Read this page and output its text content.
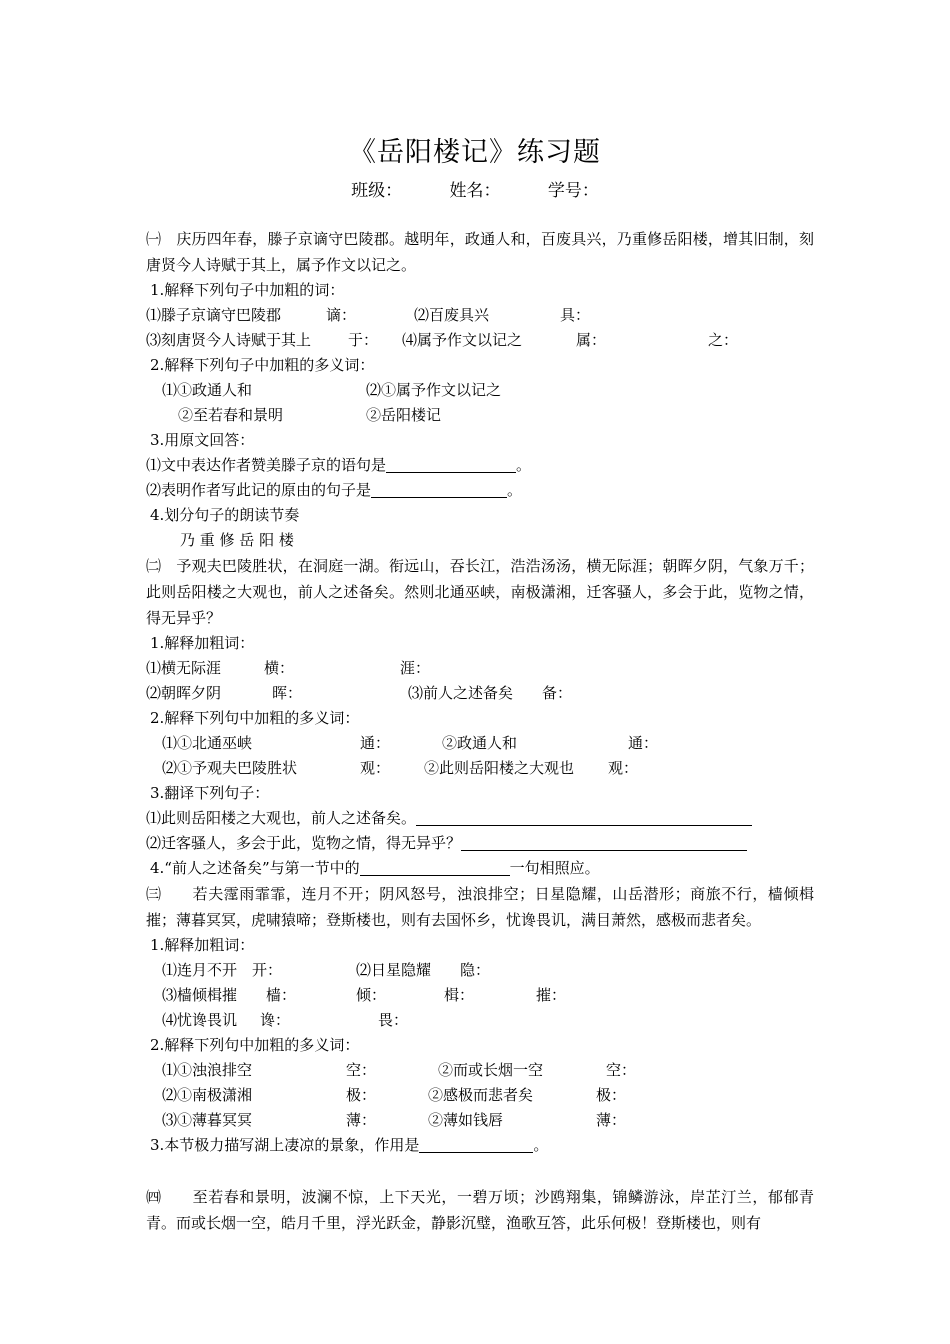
《岳阳楼记》练习题
班级：	姓名：	学号：

㈠　庆历四年春，滕子京谪守巴陵郡。越明年，政通人和，百废具兴，乃重修岳阳楼，增其旧制，刻唐贤今人诗赋于其上，属予作文以记之。

1.解释下列句子中加粗的词：
⑴滕子京谪守巴陵郡	谪：	⑵百废具兴	具：
⑶刻唐贤今人诗赋于其上 于： ⑷属予作文以记之	属：	之：
2.解释下列句子中加粗的多义词：
⑴①政通人和	⑵①属予作文以记之
②至若春和景明	②岳阳楼记
3.用原文回答：
⑴文中表达作者赞美滕子京的语句是	。
⑵表明作者写此记的原由的句子是	。
4.划分句子的朗读节奏
乃 重 修 岳 阳 楼

㈡　予观夫巴陵胜状，在洞庭一湖。衔远山，吞长江，浩浩汤汤，横无际涯；朝晖夕阴，气象万千；此则岳阳楼之大观也，前人之述备矣。然则北通巫峡，南极潇湘，迁客骚人，多会于此，览物之情，得无异乎？

1.解释加粗词：
⑴横无际涯	横：	涯：
⑵朝晖夕阴	晖：	⑶前人之述备矣 备：
2.解释下列句中加粗的多义词：
⑴①北通巫峡	通：	②政通人和	通：
⑵①予观夫巴陵胜状	观： ②此则岳阳楼之大观也 观：
3.翻译下列句子：
⑴此则岳阳楼之大观也，前人之述备矣。
⑵迁客骚人，多会于此，览物之情，得无异乎？
4.“前人之述备矣”与第一节中的	一句相照应。

㈢　　若夫霪雨霏霏，连月不开；阴风怒号，浊浪排空；日星隐耀，山岳潜形；商旅不行，樯倾楫摧；薄暮冥冥，虎啸猿啼；登斯楼也，则有去国怀乡，忧谗畏讥，满目萧然，感极而悲者矣。

1.解释加粗词：
⑴连月不开 开：	⑵日星隐耀 隐：
⑶樯倾楫摧 樯：	倾：	楫：	摧：
⑷忧谗畏讥 谗：	畏：
2.解释下列句中加粗的多义词：
⑴①浊浪排空	空：	②而或长烟一空	空：
⑵①南极潇湘	极：	②感极而悲者矣	极：
⑶①薄暮冥冥	薄：	②薄如钱唇	薄：
3.本节极力描写湖上凄凉的景象，作用是	。

㈣　　至若春和景明，波澜不惊，上下天光，一碧万顷；沙鸥翔集，锦鳞游泳，岸芷汀兰，郁郁青青。而或长烟一空，皓月千里，浮光跃金，静影沉璧，渔歌互答，此乐何极！登斯楼也，则有
